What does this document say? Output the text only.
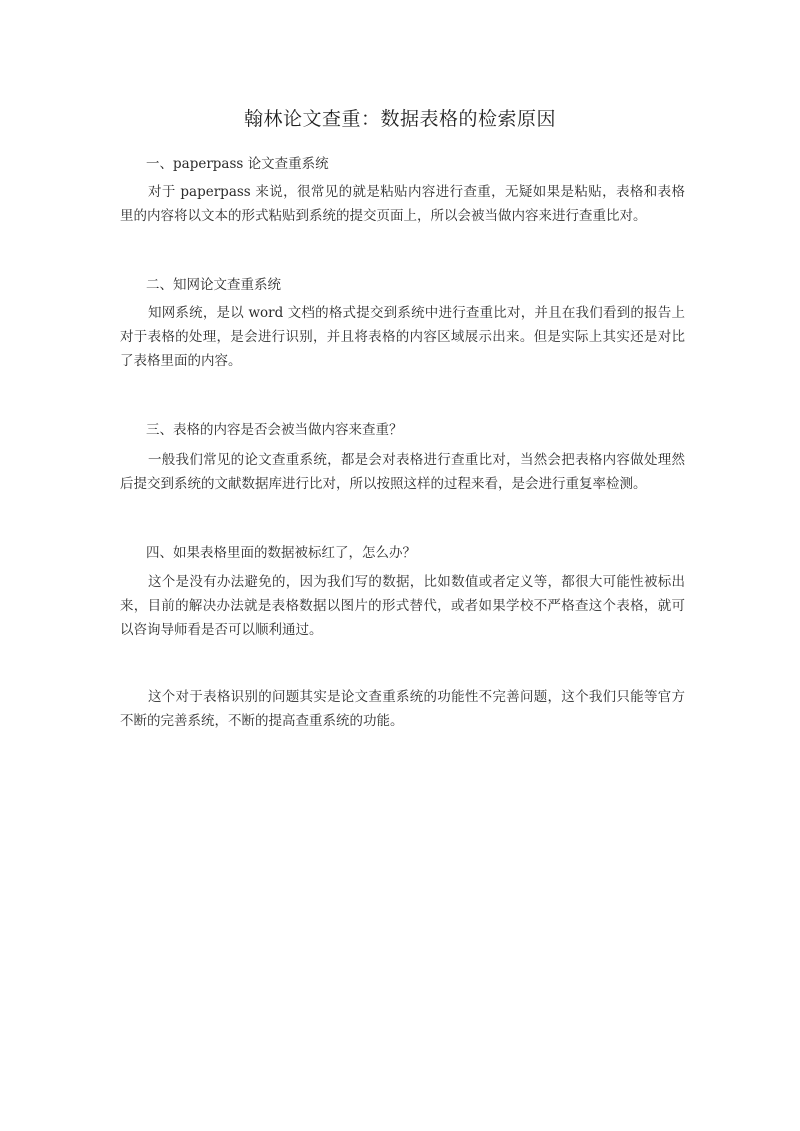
翰林论文查重：数据表格的检索原因
一、paperpass 论文查重系统
对于 paperpass 来说，很常见的就是粘贴内容进行查重，无疑如果是粘贴，表格和表格里的内容将以文本的形式粘贴到系统的提交页面上，所以会被当做内容来进行查重比对。
二、知网论文查重系统
知网系统，是以 word 文档的格式提交到系统中进行查重比对，并且在我们看到的报告上对于表格的处理，是会进行识别，并且将表格的内容区域展示出来。但是实际上其实还是对比了表格里面的内容。
三、表格的内容是否会被当做内容来查重？
一般我们常见的论文查重系统，都是会对表格进行查重比对，当然会把表格内容做处理然后提交到系统的文献数据库进行比对，所以按照这样的过程来看，是会进行重复率检测。
四、如果表格里面的数据被标红了，怎么办？
这个是没有办法避免的，因为我们写的数据，比如数值或者定义等，都很大可能性被标出来，目前的解决办法就是表格数据以图片的形式替代，或者如果学校不严格查这个表格，就可以咨询导师看是否可以顺利通过。
这个对于表格识别的问题其实是论文查重系统的功能性不完善问题，这个我们只能等官方不断的完善系统，不断的提高查重系统的功能。
